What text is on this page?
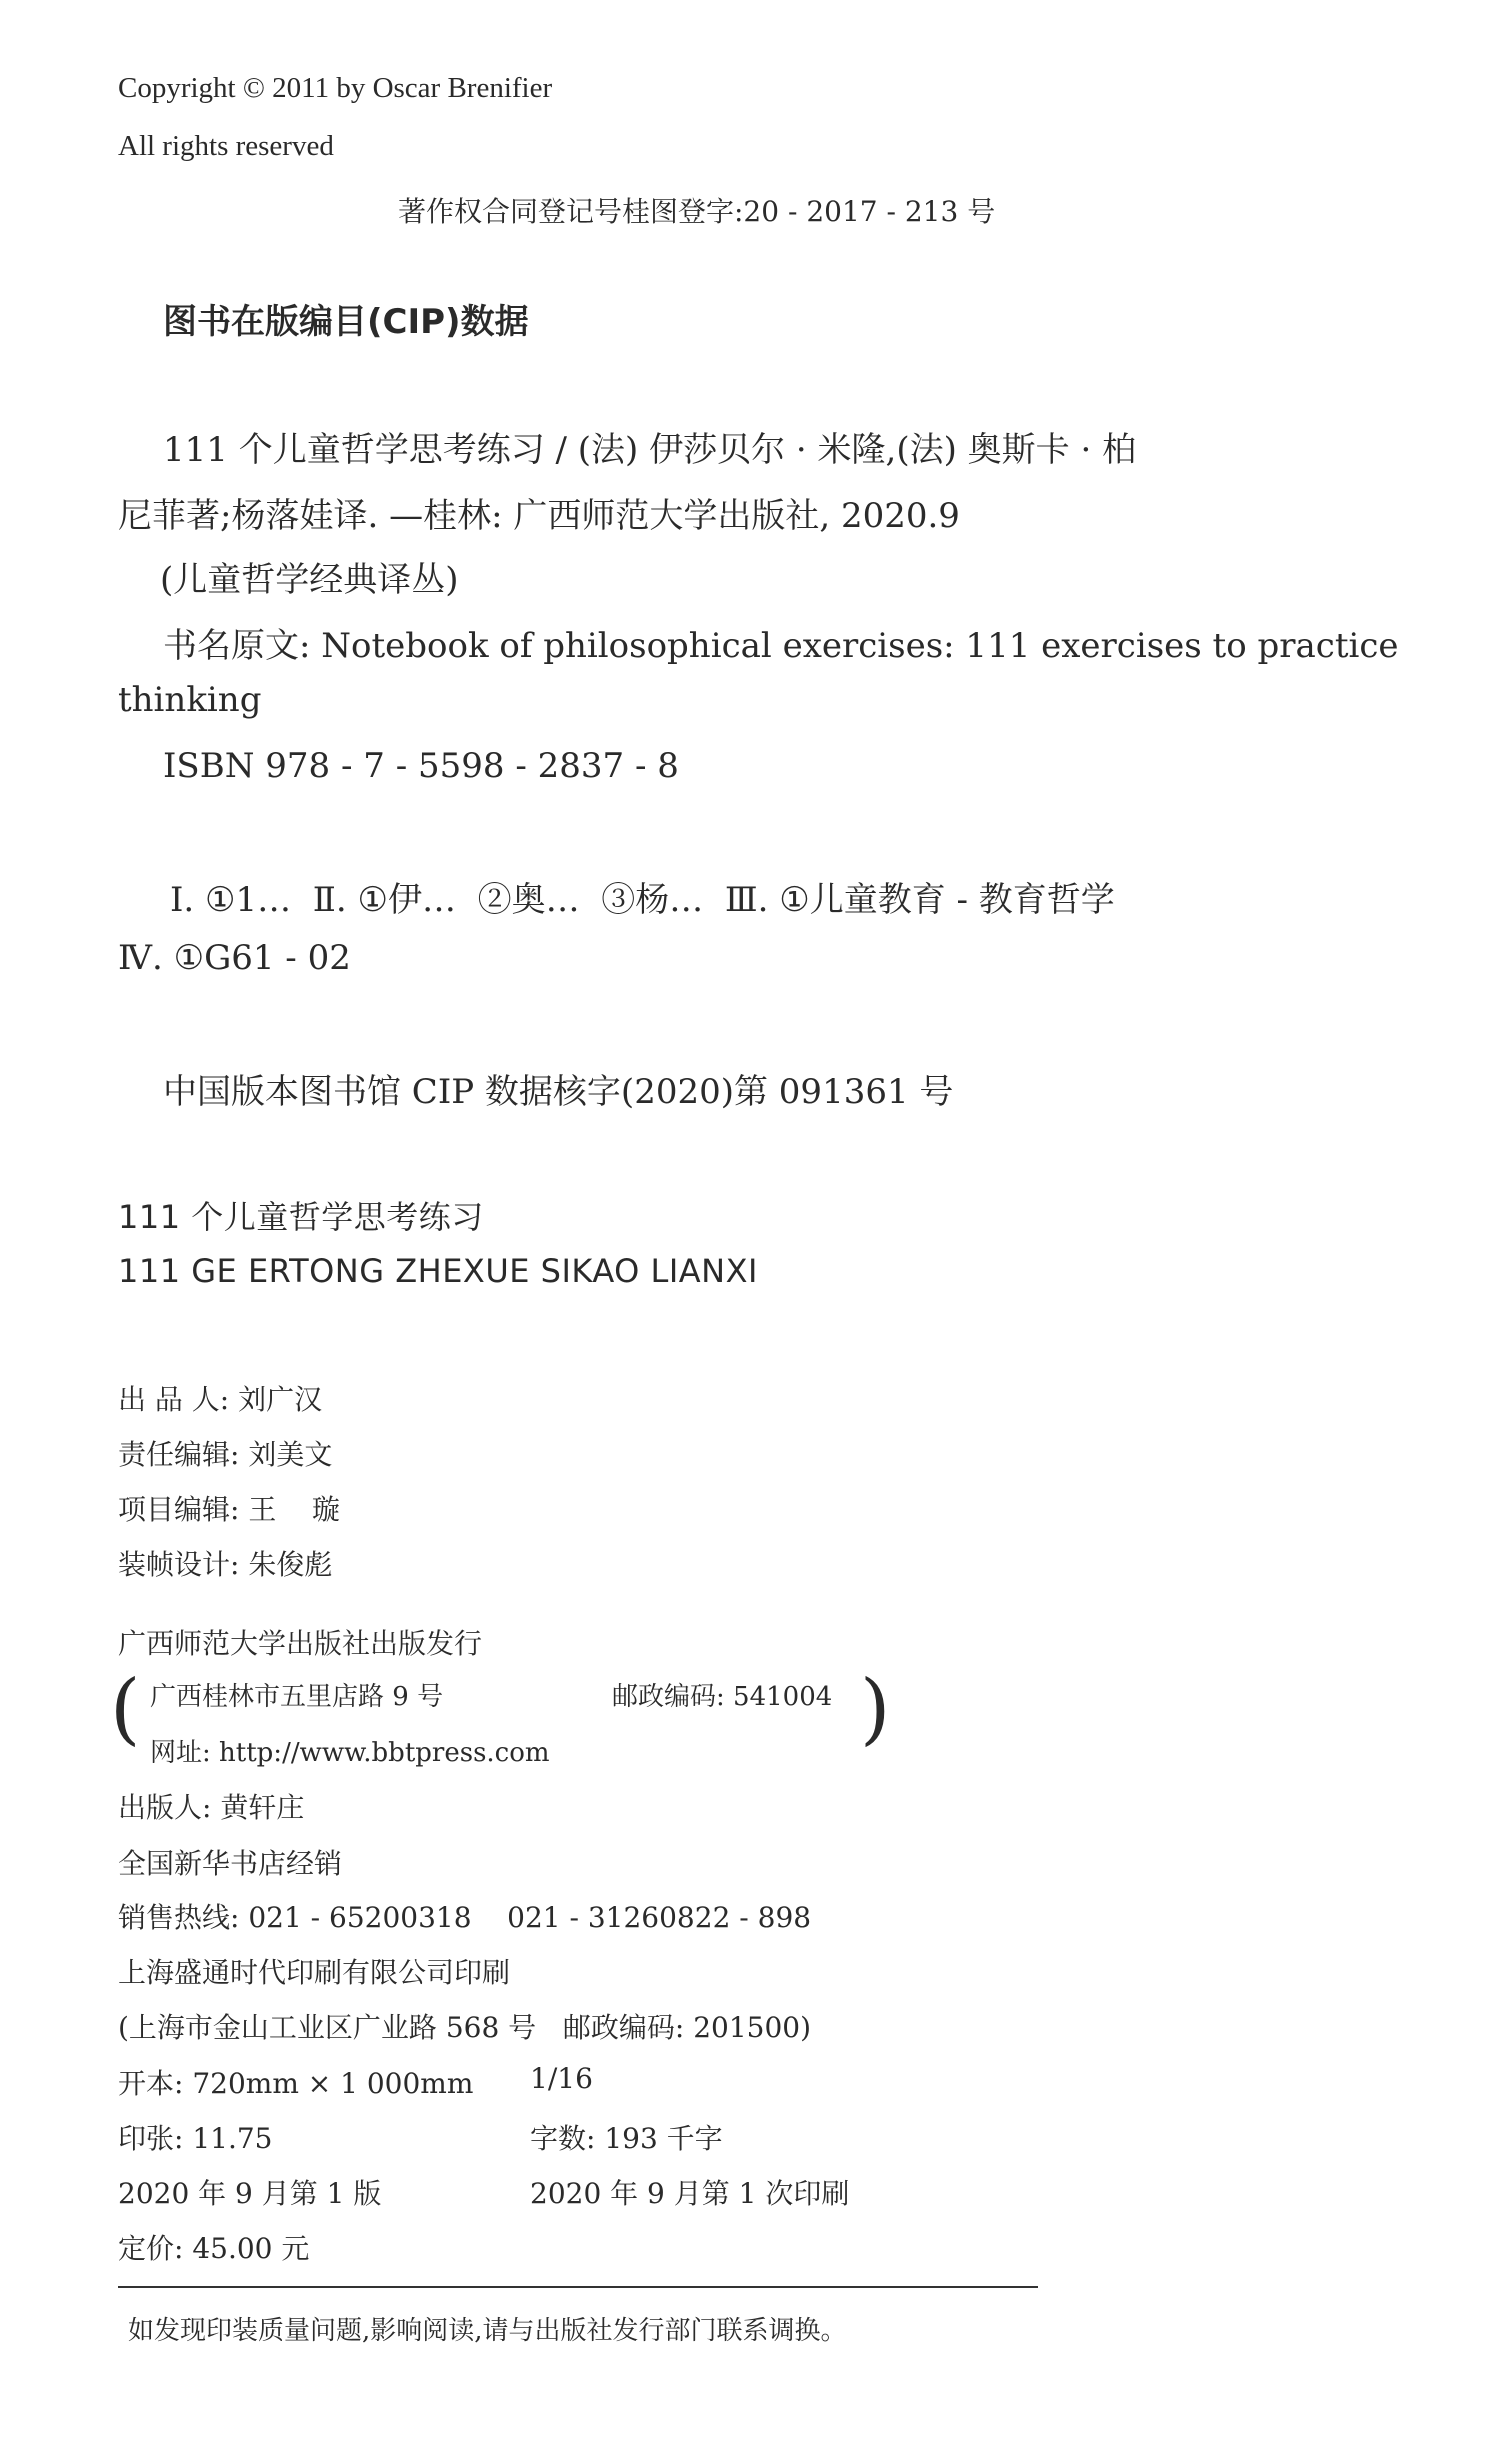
Copyright © 2011 by Oscar Brenifier
All rights reserved
著作权合同登记号桂图登字:20 - 2017 - 213 号
图书在版编目(CIP)数据
111 个儿童哲学思考练习 / (法) 伊莎贝尔 · 米隆,(法) 奥斯卡 · 柏
尼菲著;杨落娃译. —桂林: 广西师范大学出版社, 2020.9
(儿童哲学经典译丛)
书名原文: Notebook of philosophical exercises: 111 exercises to practice
thinking
ISBN 978 - 7 - 5598 - 2837 - 8
Ⅰ. ①1…  Ⅱ. ①伊…  ②奥…  ③杨…  Ⅲ. ①儿童教育 - 教育哲学
Ⅳ. ①G61 - 02
中国版本图书馆 CIP 数据核字(2020)第 091361 号
111 个儿童哲学思考练习
111 GE ERTONG ZHEXUE SIKAO LIANXI
出 品 人: 刘广汉
责任编辑: 刘美文
项目编辑: 王    璇
装帧设计: 朱俊彪
广西师范大学出版社出版发行
( 广西桂林市五里店路 9 号	邮政编码: 541004
网址: http://www.bbtpress.com	)
出版人: 黄轩庄
全国新华书店经销
销售热线: 021 - 65200318    021 - 31260822 - 898
上海盛通时代印刷有限公司印刷
(上海市金山工业区广业路 568 号   邮政编码: 201500)
开本: 720mm × 1 000mm 1/16
印张: 11.75	字数: 193 千字
2020 年 9 月第 1 版	2020 年 9 月第 1 次印刷
定价: 45.00 元
如发现印装质量问题,影响阅读,请与出版社发行部门联系调换。
